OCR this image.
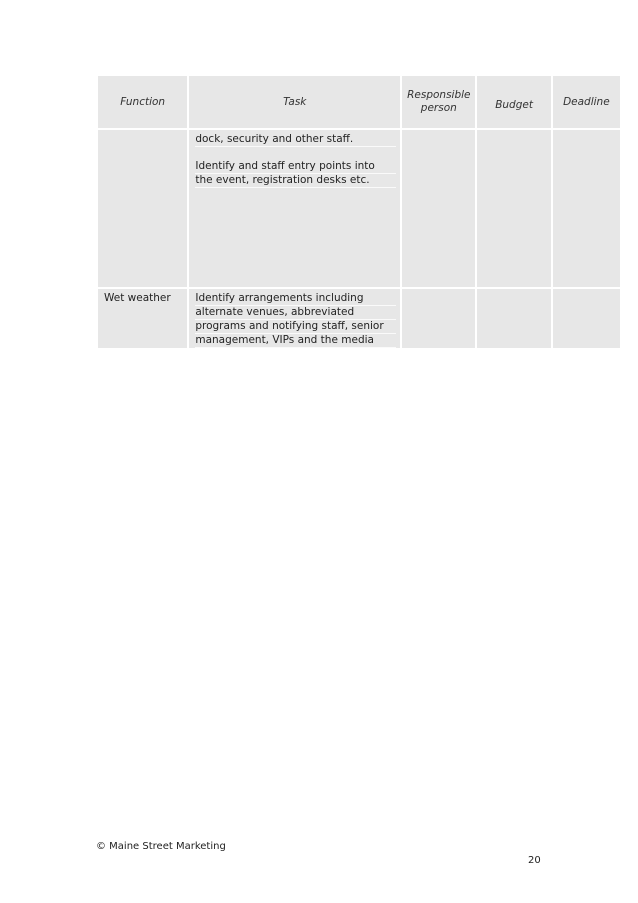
Function	Task	Responsible person	Budget	Deadline

	dock, security and other staff.
Identify and staff entry points into
the event, registration desks etc.			

Wet weather	Identify arrangements including
alternate venues, abbreviated
programs and notifying staff, senior
management, VIPs and the media			

© Maine Street Marketing
20
